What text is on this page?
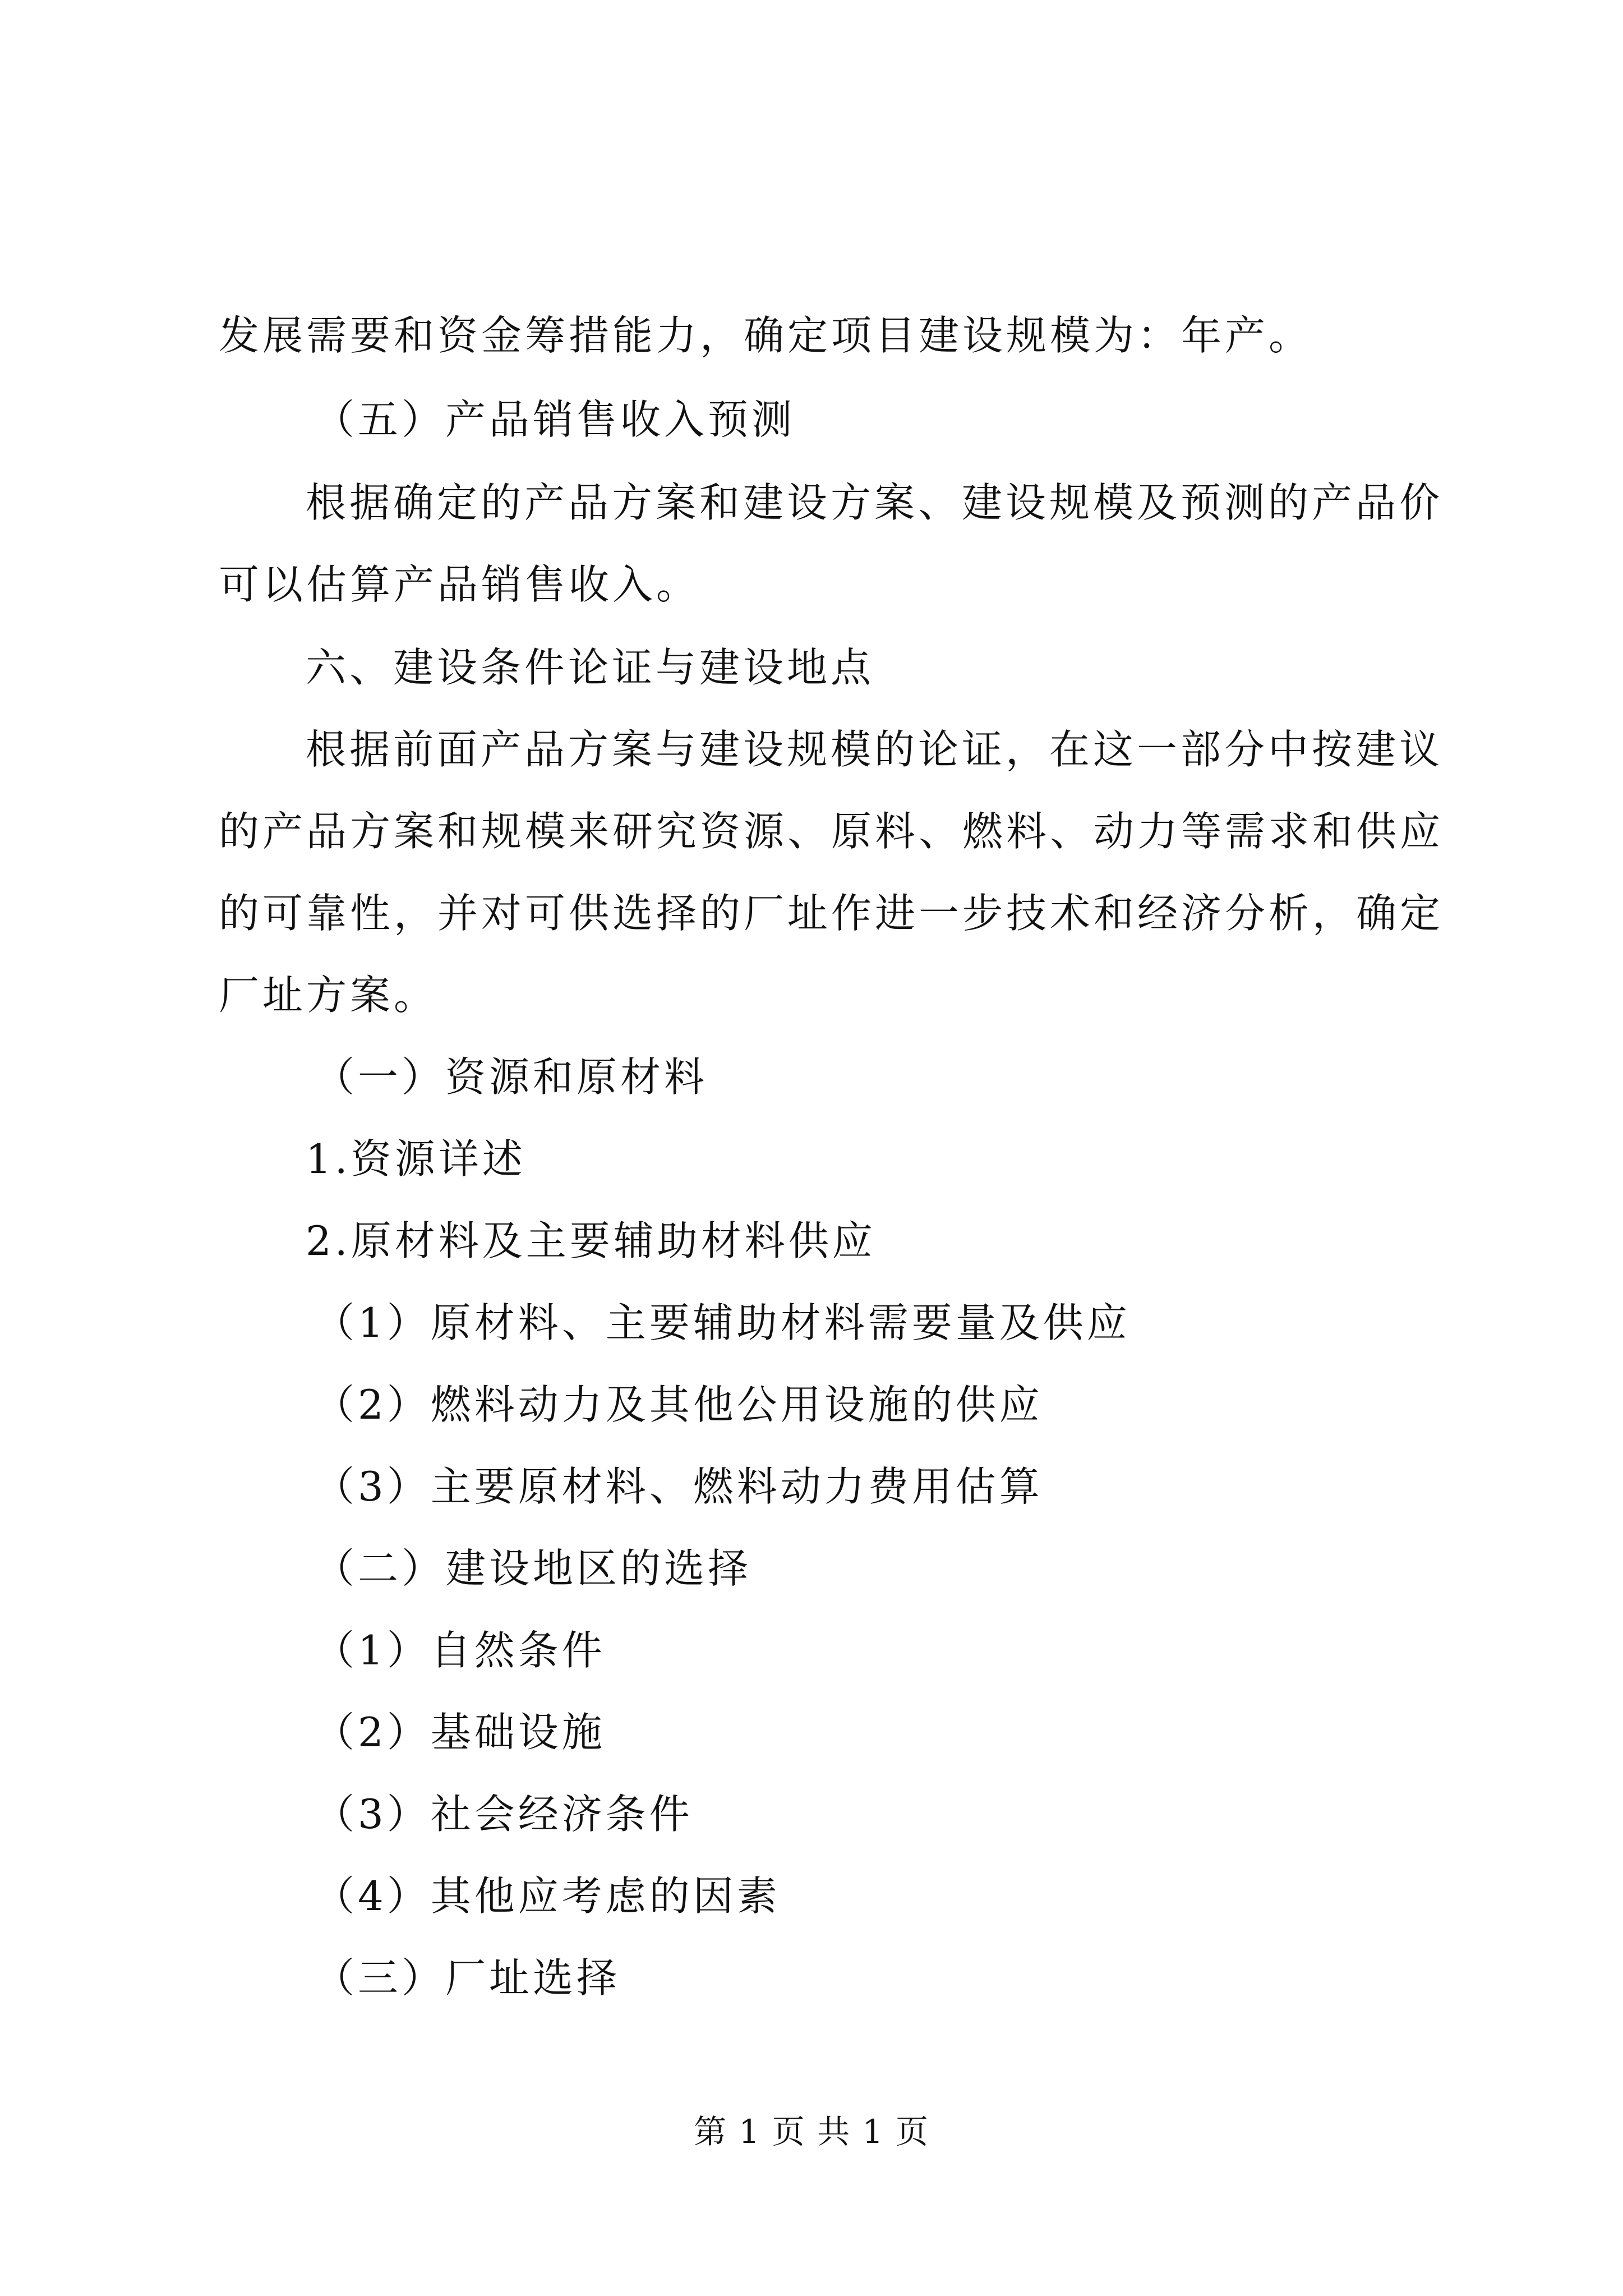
发展需要和资金筹措能力，确定项目建设规模为：年产。
（五）产品销售收入预测
根据确定的产品方案和建设方案、建设规模及预测的产品价
可以估算产品销售收入。
六、建设条件论证与建设地点
根据前面产品方案与建设规模的论证，在这一部分中按建议
的产品方案和规模来研究资源、原料、燃料、动力等需求和供应
的可靠性，并对可供选择的厂址作进一步技术和经济分析，确定
厂址方案。
（一）资源和原材料
1.资源详述
2.原材料及主要辅助材料供应
（1）原材料、主要辅助材料需要量及供应
（2）燃料动力及其他公用设施的供应
（3）主要原材料、燃料动力费用估算
（二）建设地区的选择
（1）自然条件
（2）基础设施
（3）社会经济条件
（4）其他应考虑的因素
（三）厂址选择
第 1 页 共 1 页
